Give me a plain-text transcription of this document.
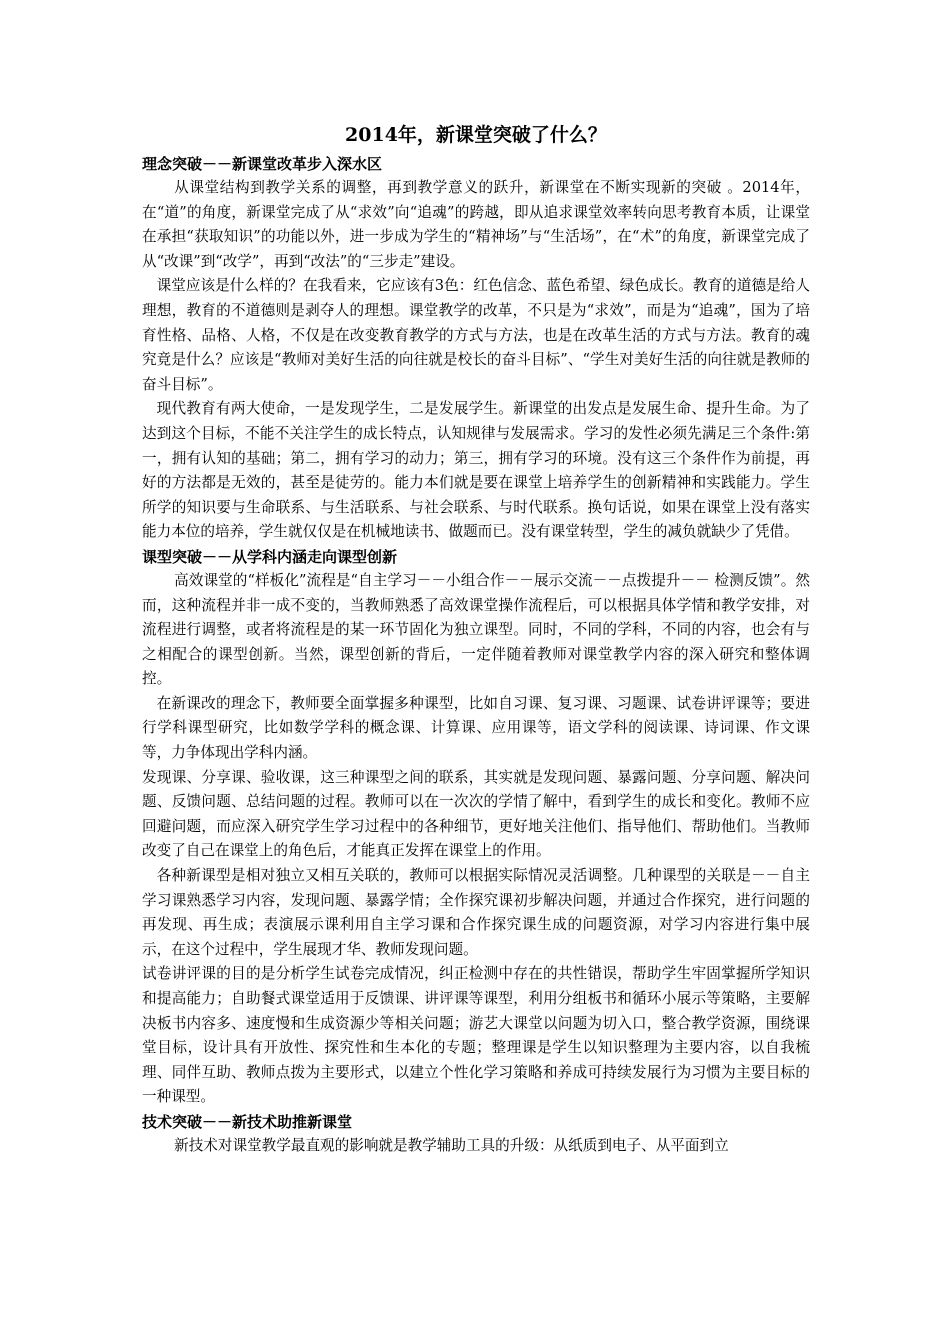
2014年，新课堂突破了什么？
理念突破－－新课堂改革步入深水区

从课堂结构到教学关系的调整，再到教学意义的跃升，新课堂在不断实现新的突破 。2014年，在“道”的角度，新课堂完成了从“求效”向“追魂”的跨越，即从追求课堂效率转向思考教育本质，让课堂在承担“获取知识”的功能以外，进一步成为学生的“精神场”与“生活场”，在“术”的角度，新课堂完成了从“改课”到“改学”，再到“改法”的“三步走”建设。

课堂应该是什么样的？在我看来，它应该有3色：红色信念、蓝色希望、绿色成长。教育的道德是给人理想，教育的不道德则是剥夺人的理想。课堂教学的改革，不只是为“求效”，而是为“追魂”，国为了培育性格、品格、人格，不仅是在改变教育教学的方式与方法，也是在改革生活的方式与方法。教育的魂究竟是什么？应该是“教师对美好生活的向往就是校长的奋斗目标”、“学生对美好生活的向往就是教师的奋斗目标”。

现代教育有两大使命，一是发现学生，二是发展学生。新课堂的出发点是发展生命、提升生命。为了达到这个目标，不能不关注学生的成长特点，认知规律与发展需求。学习的发性必须先满足三个条件:第一，拥有认知的基础；第二，拥有学习的动力；第三，拥有学习的环境。没有这三个条件作为前提，再好的方法都是无效的，甚至是徒劳的。能力本们就是要在课堂上培养学生的创新精神和实践能力。学生所学的知识要与生命联系、与生活联系、与社会联系、与时代联系。换句话说，如果在课堂上没有落实能力本位的培养，学生就仅仅是在机械地读书、做题而已。没有课堂转型，学生的减负就缺少了凭借。

课型突破－－从学科内涵走向课型创新

高效课堂的“样板化”流程是“自主学习－－小组合作－－展示交流－－点拨提升－－ 检测反馈”。然而，这种流程并非一成不变的，当教师熟悉了高效课堂操作流程后，可以根据具体学情和教学安排，对流程进行调整，或者将流程是的某一环节固化为独立课型。同时，不同的学科，不同的内容，也会有与之相配合的课型创新。当然，课型创新的背后，一定伴随着教师对课堂教学内容的深入研究和整体调控。

在新课改的理念下，教师要全面掌握多种课型，比如自习课、复习课、习题课、试卷讲评课等；要进行学科课型研究，比如数学学科的概念课、计算课、应用课等，语文学科的阅读课、诗词课、作文课等，力争体现出学科内涵。

发现课、分享课、验收课，这三种课型之间的联系，其实就是发现问题、暴露问题、分享问题、解决问题、反馈问题、总结问题的过程。教师可以在一次次的学情了解中，看到学生的成长和变化。教师不应回避问题，而应深入研究学生学习过程中的各种细节，更好地关注他们、指导他们、帮助他们。当教师改变了自己在课堂上的角色后，才能真正发挥在课堂上的作用。

各种新课型是相对独立又相互关联的，教师可以根据实际情况灵活调整。几种课型的关联是－－自主学习课熟悉学习内容，发现问题、暴露学情；全作探究课初步解决问题，并通过合作探究，进行问题的再发现、再生成；表演展示课利用自主学习课和合作探究课生成的问题资源，对学习内容进行集中展示，在这个过程中，学生展现才华、教师发现问题。

试卷讲评课的目的是分析学生试卷完成情况，纠正检测中存在的共性错误，帮助学生牢固掌握所学知识和提高能力；自助餐式课堂适用于反馈课、讲评课等课型，利用分组板书和循环小展示等策略，主要解决板书内容多、速度慢和生成资源少等相关问题；游艺大课堂以问题为切入口，整合教学资源，围绕课堂目标，设计具有开放性、探究性和生本化的专题；整理课是学生以知识整理为主要内容，以自我梳理、同伴互助、教师点拨为主要形式，以建立个性化学习策略和养成可持续发展行为习惯为主要目标的一种课型。

技术突破－－新技术助推新课堂

新技术对课堂教学最直观的影响就是教学辅助工具的升级：从纸质到电子、从平面到立
